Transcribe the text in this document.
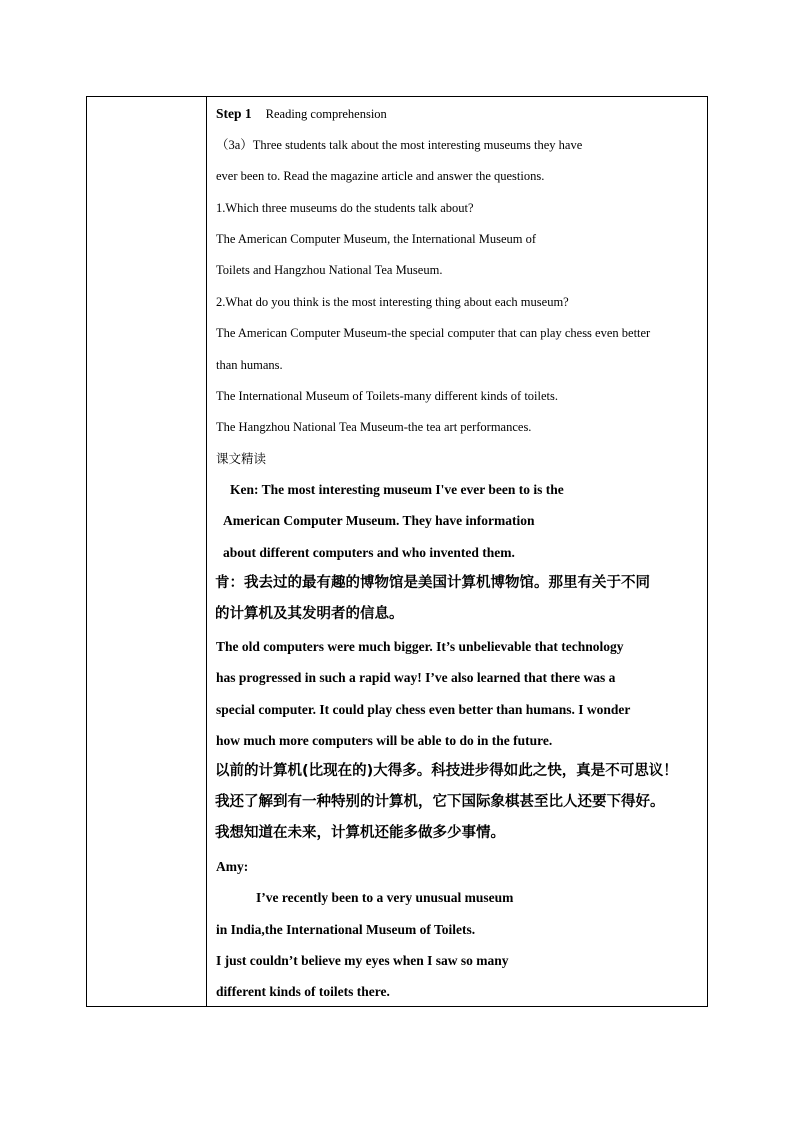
Step 1 Reading comprehension
（3a）Three students talk about the most interesting museums they have
ever been to. Read the magazine article and answer the questions.
1.Which three museums do the students talk about?
The American Computer Museum, the International Museum of
Toilets and Hangzhou National Tea Museum.
2.What do you think is the most interesting thing about each museum?
The American Computer Museum-the special computer that can play chess even better
than humans.
The International Museum of Toilets-many different kinds of toilets.
The Hangzhou National Tea Museum-the tea art performances.
课文精读
Ken: The most interesting museum I've ever been to is the
American Computer Museum. They have information
about different computers and who invented them.
肯：我去过的最有趣的博物馆是美国计算机博物馆。那里有关于不同
的计算机及其发明者的信息。
The old computers were much bigger. It’s unbelievable that technology
has progressed in such a rapid way! I’ve also learned that there was a
special computer. It could play chess even better than humans. I wonder
how much more computers will be able to do in the future.
以前的计算机(比现在的)大得多。科技进步得如此之快，真是不可思议！
我还了解到有一种特别的计算机，它下国际象棋甚至比人还要下得好。
我想知道在未来，计算机还能多做多少事情。
Amy:
I’ve recently been to a very unusual museum
in India,the International Museum of Toilets.
I just couldn’t believe my eyes when I saw so many
different kinds of toilets there.
